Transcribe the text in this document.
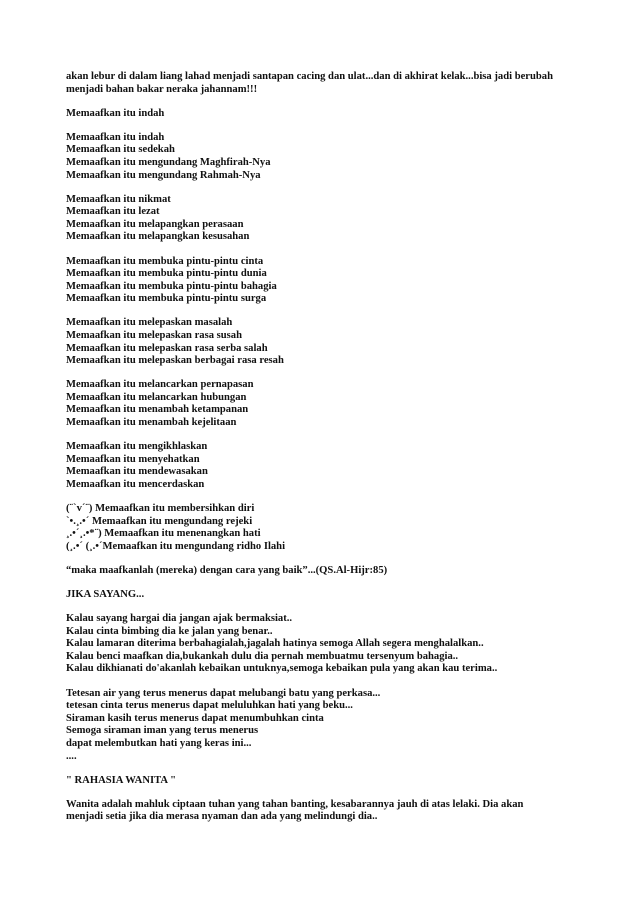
akan lebur di dalam liang lahad menjadi santapan cacing dan ulat...dan di akhirat kelak...bisa jadi berubah
menjadi bahan bakar neraka jahannam!!!
Memaafkan itu indah
Memaafkan itu indah
Memaafkan itu sedekah
Memaafkan itu mengundang Maghfirah-Nya
Memaafkan itu mengundang Rahmah-Nya
Memaafkan itu nikmat
Memaafkan itu lezat
Memaafkan itu melapangkan perasaan
Memaafkan itu melapangkan kesusahan
Memaafkan itu membuka pintu-pintu cinta
Memaafkan itu membuka pintu-pintu dunia
Memaafkan itu membuka pintu-pintu bahagia
Memaafkan itu membuka pintu-pintu surga
Memaafkan itu melepaskan masalah
Memaafkan itu melepaskan rasa susah
Memaafkan itu melepaskan rasa serba salah
Memaafkan itu melepaskan berbagai rasa resah
Memaafkan itu melancarkan pernapasan
Memaafkan itu melancarkan hubungan
Memaafkan itu menambah ketampanan
Memaafkan itu menambah kejelitaan
Memaafkan itu mengikhlaskan
Memaafkan itu menyehatkan
Memaafkan itu mendewasakan
Memaafkan itu mencerdaskan
(¨`v´¨) Memaafkan itu membersihkan diri
`•.¸.•´ Memaafkan itu mengundang rejeki
¸.•´¸.•*¨) Memaafkan itu menenangkan hati
(¸.•´ (¸.•´Memaafkan itu mengundang ridho Ilahi
“maka maafkanlah (mereka) dengan cara yang baik”...(QS.Al-Hijr:85)
JIKA SAYANG...
Kalau sayang hargai dia jangan ajak bermaksiat..
Kalau cinta bimbing dia ke jalan yang benar..
Kalau lamaran diterima berbahagialah,jagalah hatinya semoga Allah segera menghalalkan..
Kalau benci maafkan dia,bukankah dulu dia pernah membuatmu tersenyum bahagia..
Kalau dikhianati do'akanlah kebaikan untuknya,semoga kebaikan pula yang akan kau terima..
Tetesan air yang terus menerus dapat melubangi batu yang perkasa...
tetesan cinta terus menerus dapat meluluhkan hati yang beku...
Siraman kasih terus menerus dapat menumbuhkan cinta
Semoga siraman iman yang terus menerus
dapat melembutkan hati yang keras ini...
....
" RAHASIA WANITA "
Wanita adalah mahluk ciptaan tuhan yang tahan banting, kesabarannya jauh di atas lelaki. Dia akan
menjadi setia jika dia merasa nyaman dan ada yang melindungi dia..
